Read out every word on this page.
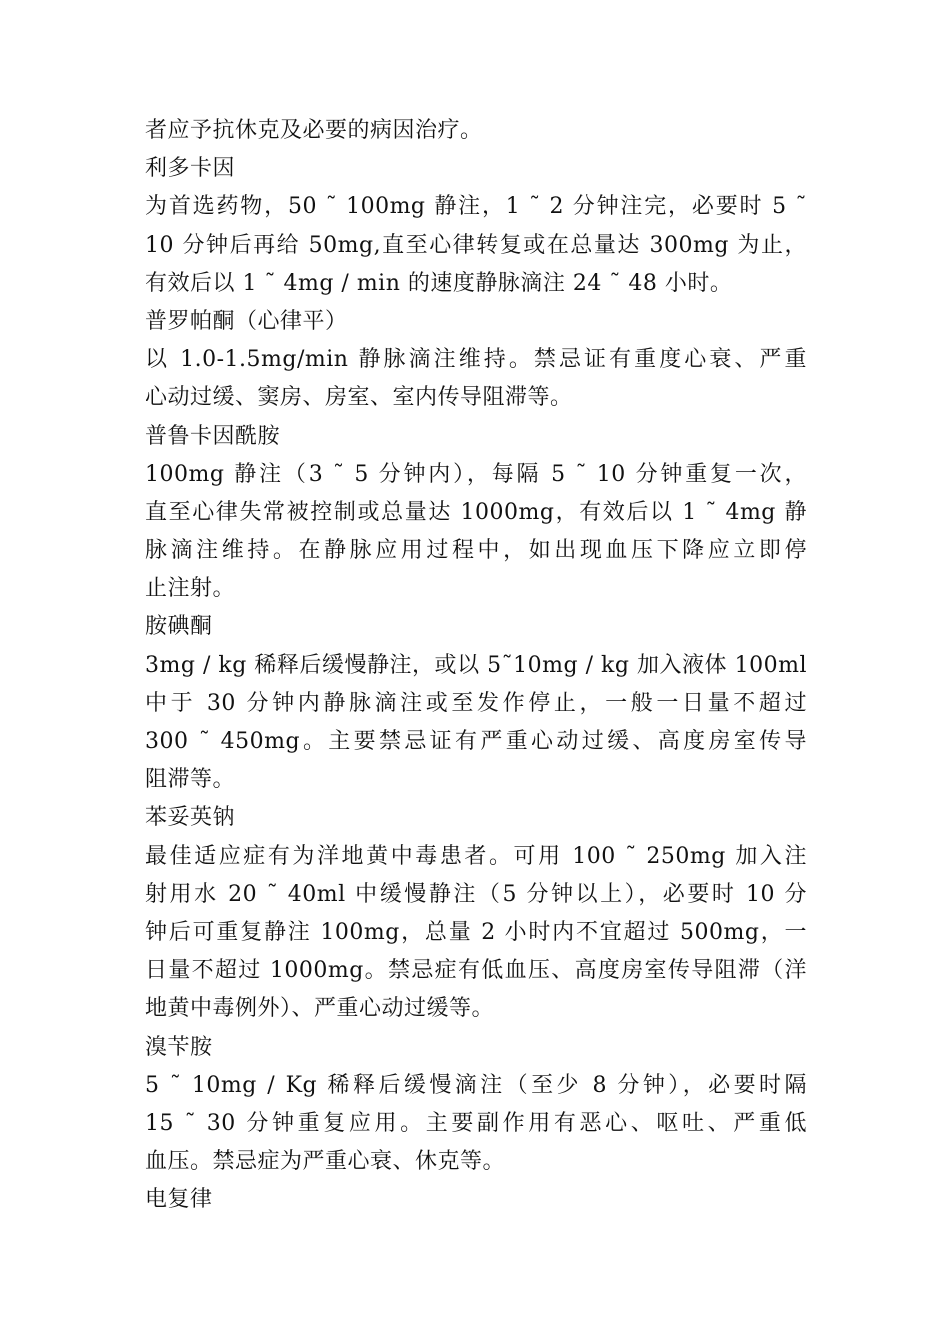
者应予抗休克及必要的病因治疗。
利多卡因
为首选药物，50 ˜ 100mg 静注，1 ˜ 2 分钟注完，必要时 5 ˜
10 分钟后再给 50mg,直至心律转复或在总量达 300mg 为止，
有效后以 1 ˜ 4mg / min 的速度静脉滴注 24 ˜ 48 小时。
普罗帕酮（心律平）
以 1.0-1.5mg/min 静脉滴注维持。禁忌证有重度心衰、严重
心动过缓、窦房、房室、室内传导阻滞等。
普鲁卡因酰胺
100mg 静注（3 ˜ 5 分钟内），每隔 5 ˜ 10 分钟重复一次，
直至心律失常被控制或总量达 1000mg，有效后以 1 ˜ 4mg 静
脉滴注维持。在静脉应用过程中，如出现血压下降应立即停
止注射。
胺碘酮
3mg / kg 稀释后缓慢静注，或以 5˜10mg / kg 加入液体 100ml
中于 30 分钟内静脉滴注或至发作停止，一般一日量不超过
300 ˜ 450mg。主要禁忌证有严重心动过缓、高度房室传导
阻滞等。
苯妥英钠
最佳适应症有为洋地黄中毒患者。可用 100 ˜ 250mg 加入注
射用水 20 ˜ 40ml 中缓慢静注（5 分钟以上），必要时 10 分
钟后可重复静注 100mg，总量 2 小时内不宜超过 500mg，一
日量不超过 1000mg。禁忌症有低血压、高度房室传导阻滞（洋
地黄中毒例外）、严重心动过缓等。
溴苄胺
5 ˜ 10mg / Kg 稀释后缓慢滴注（至少 8 分钟），必要时隔
15 ˜ 30 分钟重复应用。主要副作用有恶心、呕吐、严重低
血压。禁忌症为严重心衰、休克等。
电复律
